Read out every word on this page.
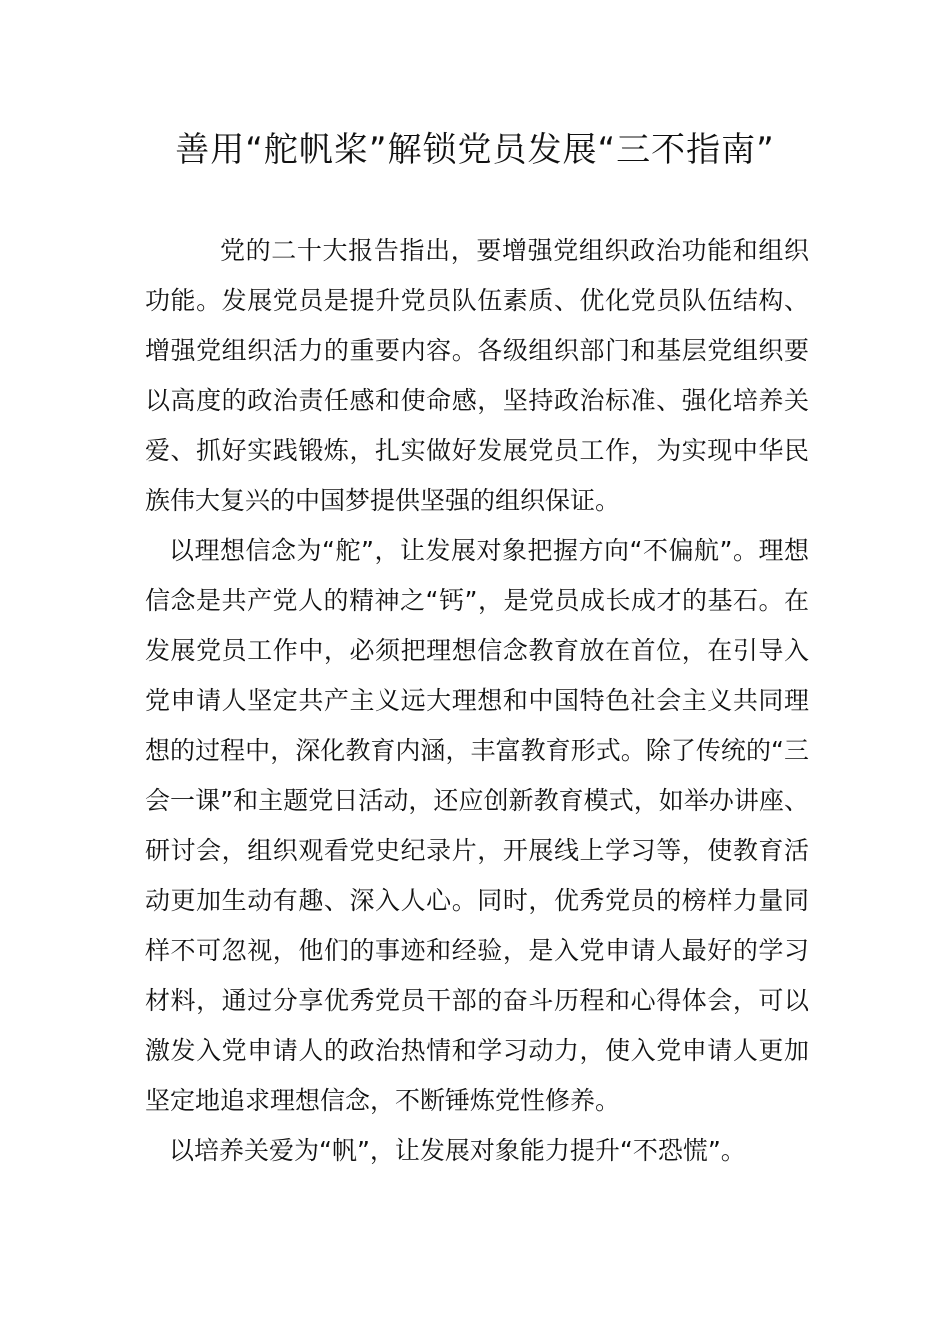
善用“舵帆桨”解锁党员发展“三不指南”

党的二十大报告指出，要增强党组织政治功能和组织功能。发展党员是提升党员队伍素质、优化党员队伍结构、增强党组织活力的重要内容。各级组织部门和基层党组织要以高度的政治责任感和使命感，坚持政治标准、强化培养关爱、抓好实践锻炼，扎实做好发展党员工作，为实现中华民族伟大复兴的中国梦提供坚强的组织保证。

以理想信念为“舵”，让发展对象把握方向“不偏航”。理想信念是共产党人的精神之“钙”，是党员成长成才的基石。在发展党员工作中，必须把理想信念教育放在首位，在引导入党申请人坚定共产主义远大理想和中国特色社会主义共同理想的过程中，深化教育内涵，丰富教育形式。除了传统的“三会一课”和主题党日活动，还应创新教育模式，如举办讲座、研讨会，组织观看党史纪录片，开展线上学习等，使教育活动更加生动有趣、深入人心。同时，优秀党员的榜样力量同样不可忽视，他们的事迹和经验，是入党申请人最好的学习材料，通过分享优秀党员干部的奋斗历程和心得体会，可以激发入党申请人的政治热情和学习动力，使入党申请人更加坚定地追求理想信念，不断锤炼党性修养。

以培养关爱为“帆”，让发展对象能力提升“不恐慌”。
